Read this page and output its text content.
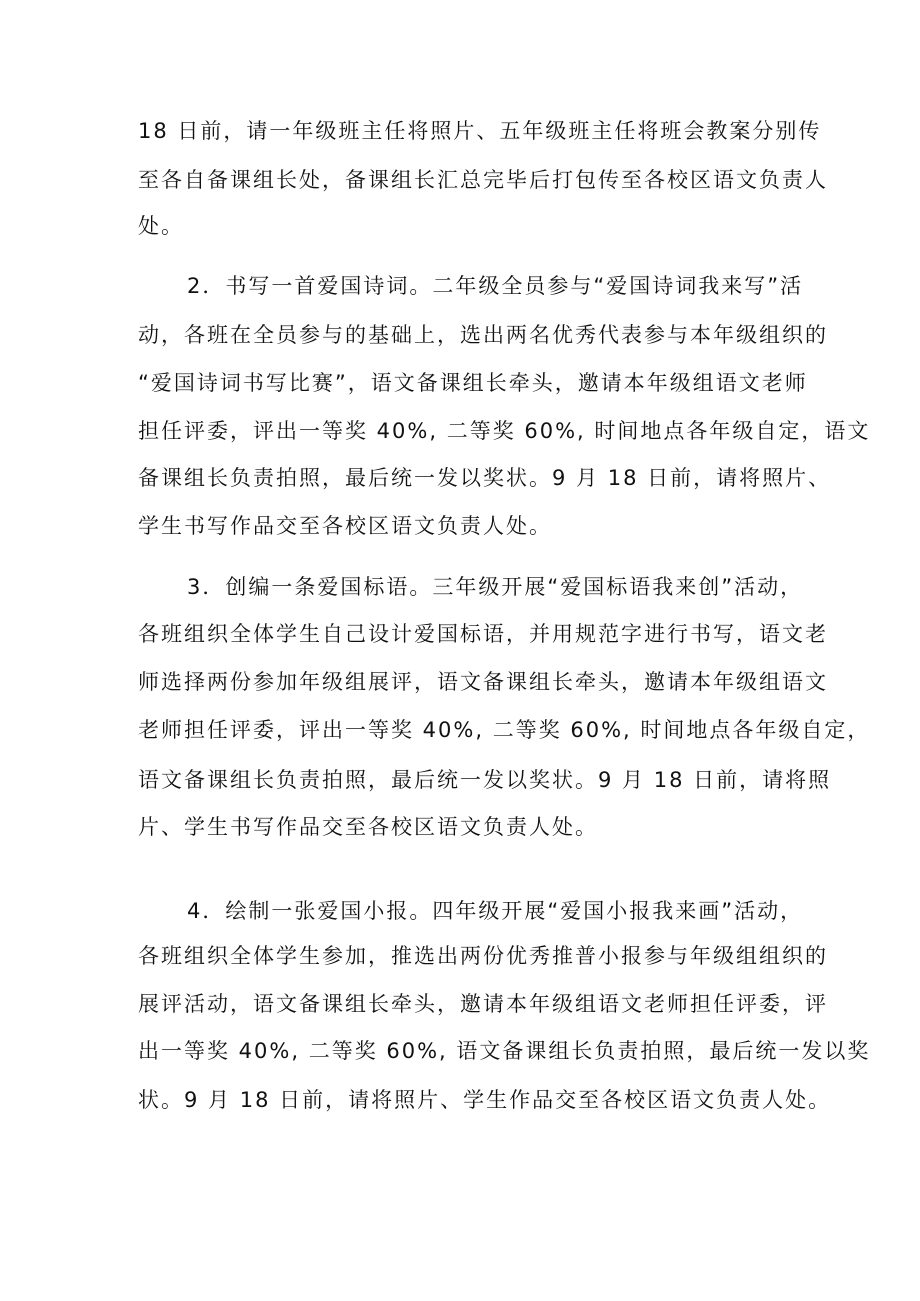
18 日前，请一年级班主任将照片、五年级班主任将班会教案分别传
至各自备课组长处，备课组长汇总完毕后打包传至各校区语文负责人
处。
2．书写一首爱国诗词。二年级全员参与“爱国诗词我来写”活
动，各班在全员参与的基础上，选出两名优秀代表参与本年级组织的
“爱国诗词书写比赛”，语文备课组长牵头，邀请本年级组语文老师
担任评委，评出一等奖 40%, 二等奖 60%, 时间地点各年级自定，语文
备课组长负责拍照，最后统一发以奖状。9 月 18 日前，请将照片、
学生书写作品交至各校区语文负责人处。
3．创编一条爱国标语。三年级开展“爱国标语我来创”活动，
各班组织全体学生自己设计爱国标语，并用规范字进行书写，语文老
师选择两份参加年级组展评，语文备课组长牵头，邀请本年级组语文
老师担任评委，评出一等奖 40%, 二等奖 60%, 时间地点各年级自定，
语文备课组长负责拍照，最后统一发以奖状。9 月 18 日前，请将照
片、学生书写作品交至各校区语文负责人处。
4．绘制一张爱国小报。四年级开展“爱国小报我来画”活动，
各班组织全体学生参加，推选出两份优秀推普小报参与年级组组织的
展评活动，语文备课组长牵头，邀请本年级组语文老师担任评委，评
出一等奖 40%, 二等奖 60%, 语文备课组长负责拍照，最后统一发以奖
状。9 月 18 日前，请将照片、学生作品交至各校区语文负责人处。
